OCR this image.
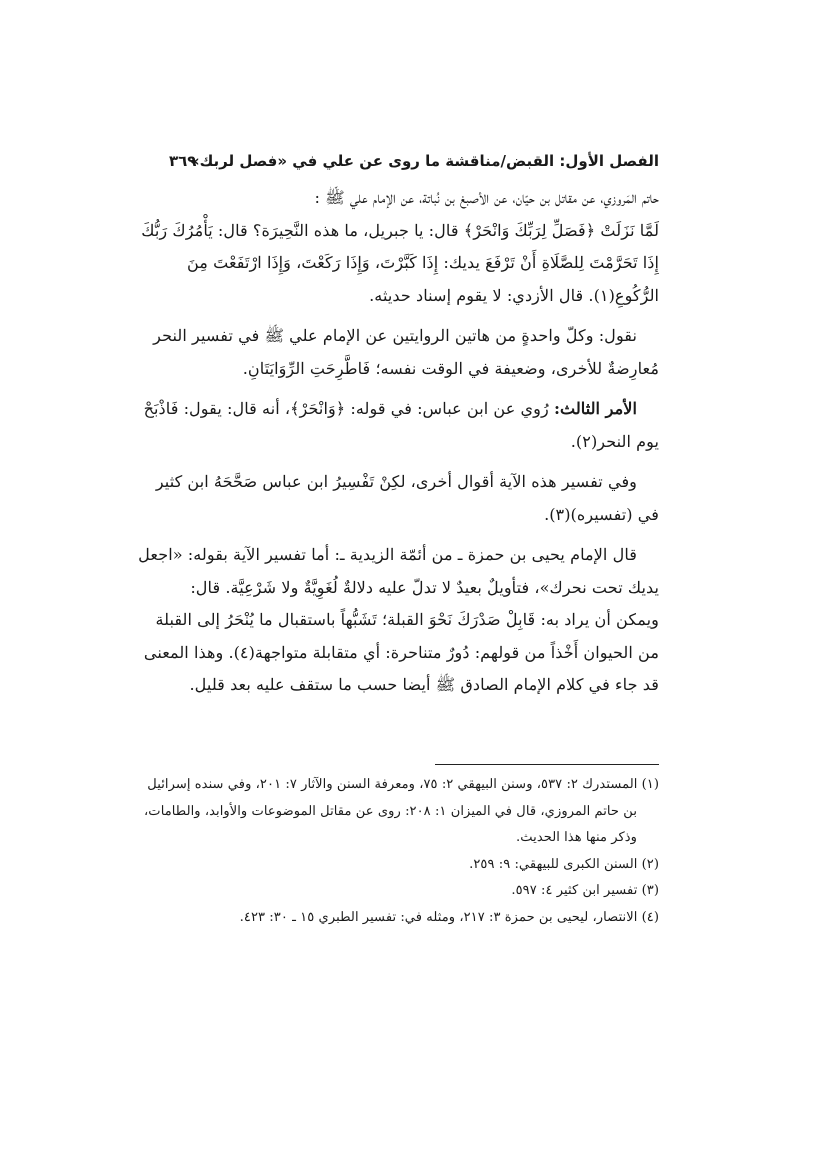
الفصل الأول: القبض/مناقشة ما روى عن علي في «فصل لربك»
٣٦٩
حاتم المَروزي، عن مقاتل بن حيّان، عن الأصبغ بن نُباتة، عن الإمام علي ﷺ :
لَمَّا نَزَلَتْ ﴿فَصَلِّ لِرَبِّكَ وَانْحَرْ﴾ قال: يا جبريل، ما هذه النَّحِيرَة؟ قال: يَأْمُرُكَ رَبُّكَ
إِذَا تَحَرَّمْتَ لِلصَّلَاةِ أَنْ تَرْفَعَ يديك: إِذَا كَبَّرْتَ، وَإِذَا رَكَعْتَ، وَإِذَا ارْتَفَعْتَ مِنَ
الرُّكُوعِ(١). قال الأزدي: لا يقوم إسناد حديثه.
نقول: وكلّ واحدةٍ من هاتين الروايتين عن الإمام علي ﷺ في تفسير النحر
مُعارِضةٌ للأخرى، وضعيفة في الوقت نفسه؛ فَاطَّرِحَتِ الرِّوَايَتَانِ.
الأمر الثالث: رُوي عن ابن عباس: في قوله: ﴿وَانْحَرْ﴾، أنه قال: يقول: فَاذْبَحْ
يوم النحر(٢).
وفي تفسير هذه الآية أقوال أخرى، لكِنْ تَفْسِيرُ ابن عباس صَحَّحَهُ ابن كثير
في (تفسيره)(٣).
قال الإمام يحيى بن حمزة ـ من أئمّة الزيدية ـ: أما تفسير الآية بقوله: «اجعل
يديك تحت نحرك»، فتأويلٌ بعيدٌ لا تدلّ عليه دلالةٌ لُغَوِيَّةٌ ولا شَرْعِيَّة. قال:
ويمكن أن يراد به: قَابِلْ صَدْرَكَ نَحْوَ القبلة؛ تَشَبُّهاً باستقبال ما يُنْحَرُ إلى القبلة
من الحيوان أَخْذاً من قولهم: دُورٌ متناحرة: أي متقابلة متواجهة(٤). وهذا المعنى
قد جاء في كلام الإمام الصادق ﷺ أيضا حسب ما ستقف عليه بعد قليل.
(١) المستدرك ٢: ٥٣٧، وسنن البيهقي ٢: ٧٥، ومعرفة السنن والآثار ٧: ٢٠١، وفي سنده إسرائيل
بن حاتم المروزي، قال في الميزان ١: ٢٠٨: روى عن مقاتل الموضوعات والأوابد، والطامات،
وذكر منها هذا الحديث.
(٢) السنن الكبرى للبيهقي: ٩: ٢٥٩.
(٣) تفسير ابن كثير ٤: ٥٩٧.
(٤) الانتصار، ليحيى بن حمزة ٣: ٢١٧، ومثله في: تفسير الطبري ١٥ ـ ٣٠: ٤٢٣.
